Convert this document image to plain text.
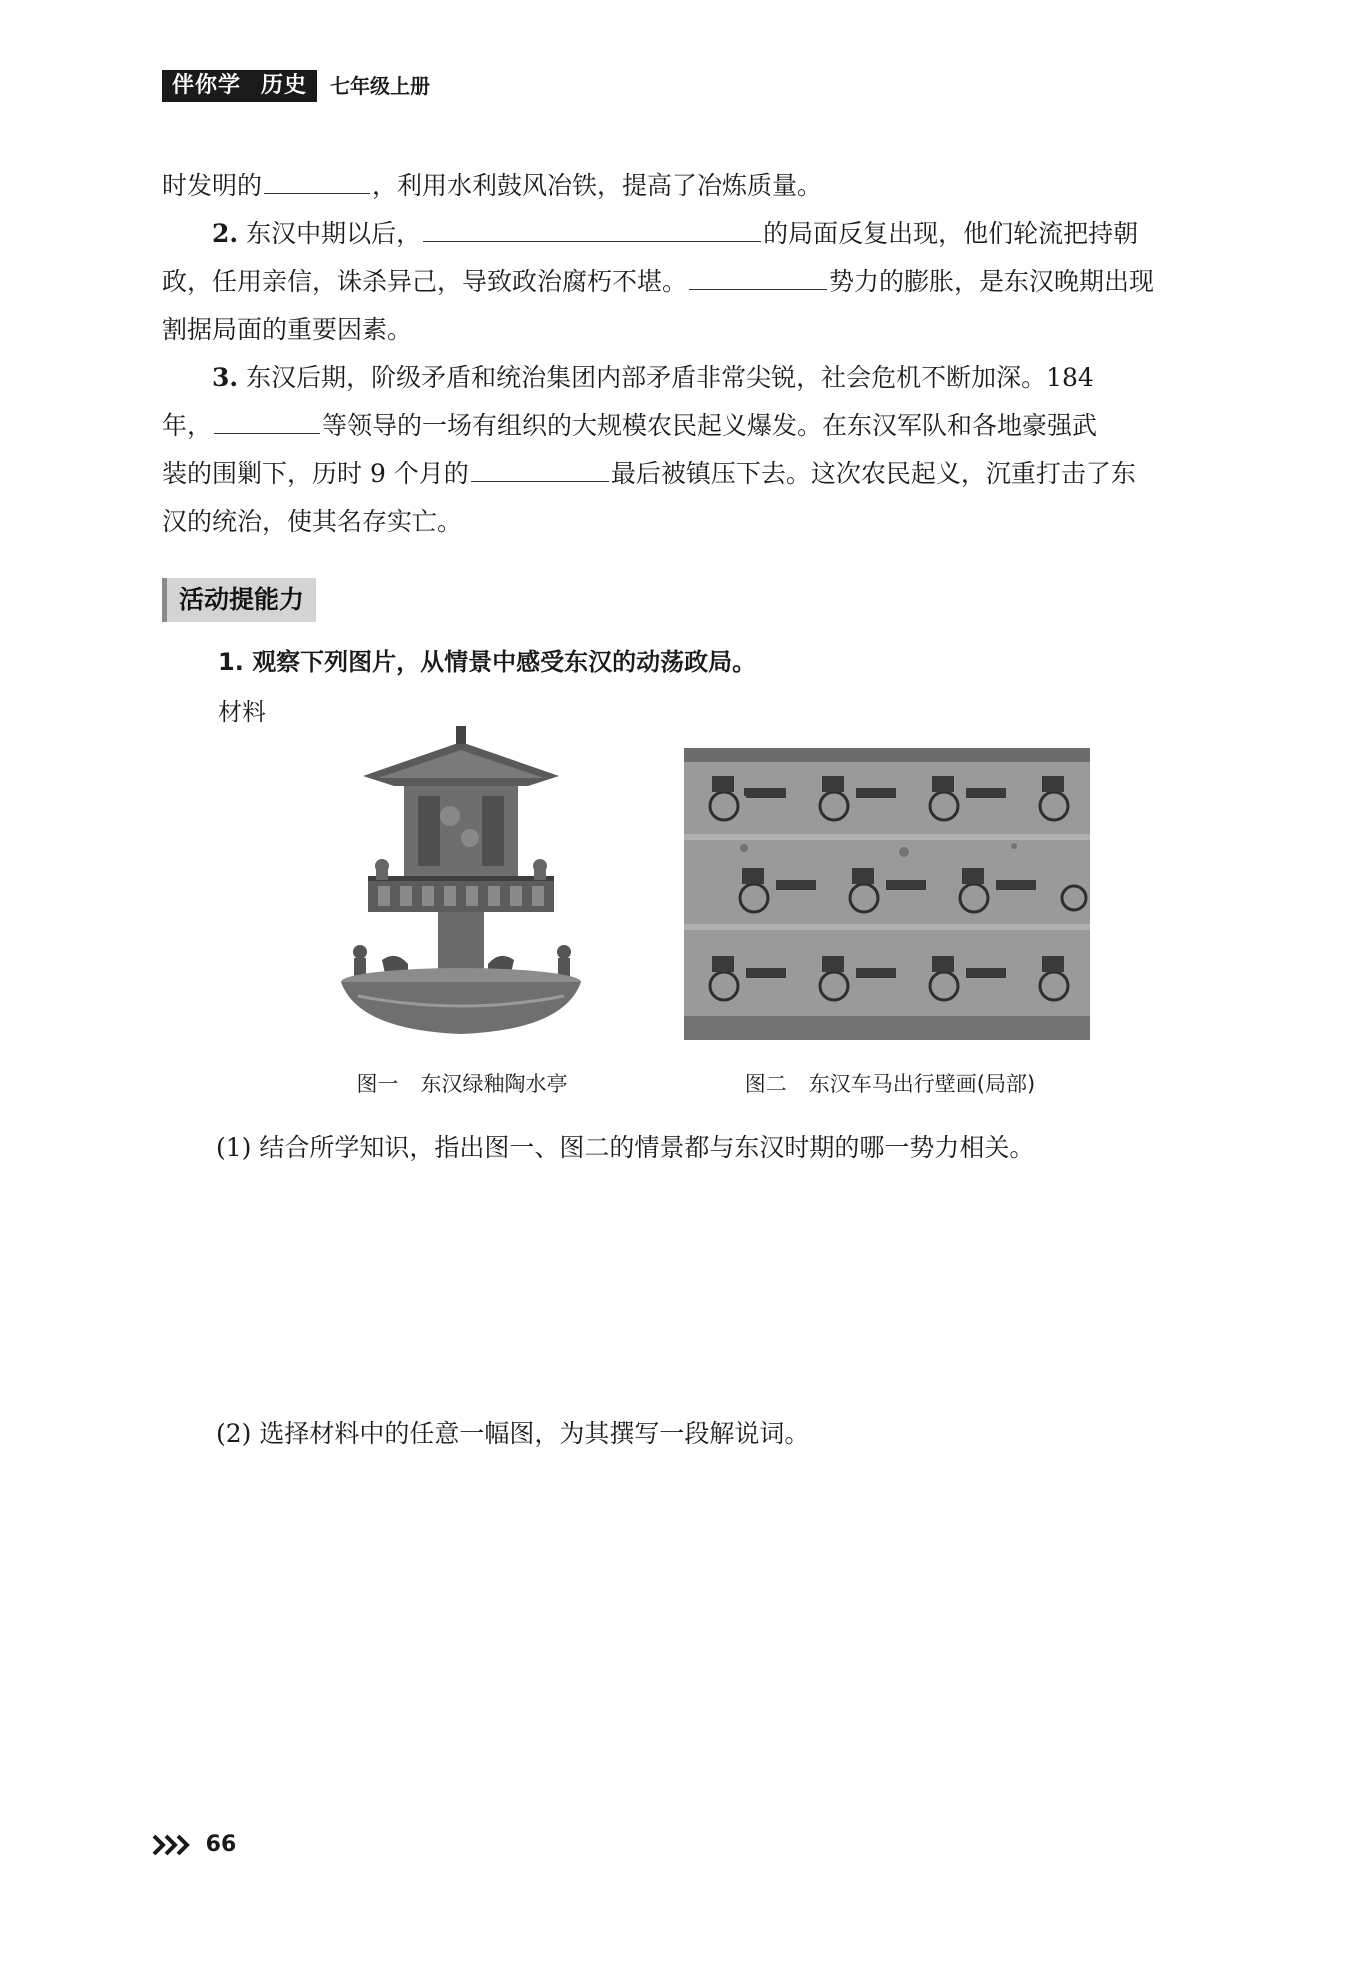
伴你学 历史	七年级上册
时发明的	，利用水利鼓风冶铁，提高了冶炼质量。
2. 东汉中期以后，	的局面反复出现，他们轮流把持朝
政，任用亲信，诛杀异己，导致政治腐朽不堪。	势力的膨胀，是东汉晚期出现
割据局面的重要因素。
3. 东汉后期，阶级矛盾和统治集团内部矛盾非常尖锐，社会危机不断加深。184
年，	等领导的一场有组织的大规模农民起义爆发。在东汉军队和各地豪强武
装的围剿下，历时 9 个月的	最后被镇压下去。这次农民起义，沉重打击了东
汉的统治，使其名存实亡。
活动提能力
1. 观察下列图片，从情景中感受东汉的动荡政局。
材料
图一 东汉绿釉陶水亭	图二 东汉车马出行壁画(局部)
(1) 结合所学知识，指出图一、图二的情景都与东汉时期的哪一势力相关。
(2) 选择材料中的任意一幅图，为其撰写一段解说词。
66
